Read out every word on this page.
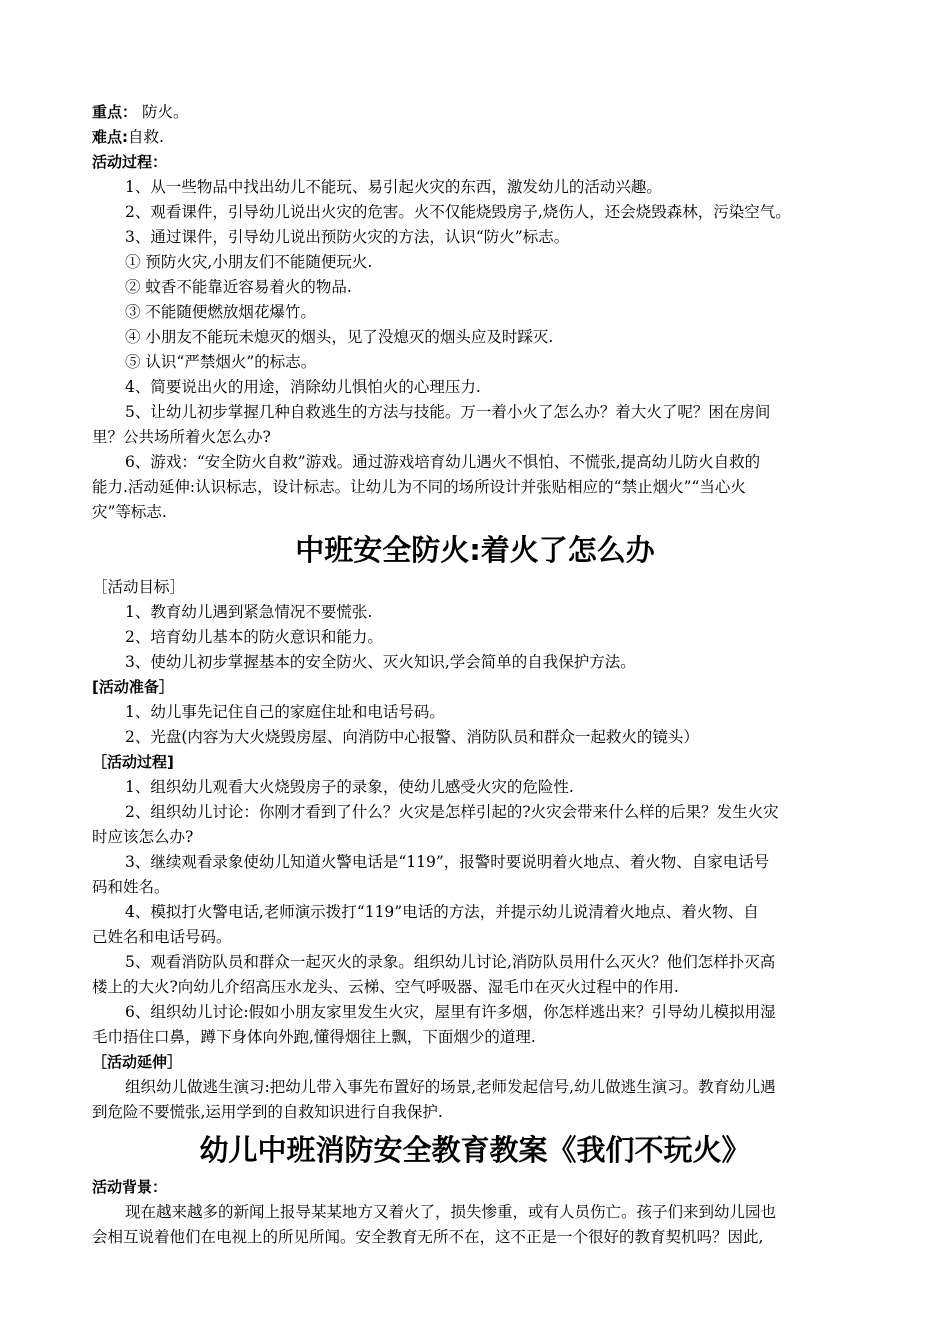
重点： 防火。
难点:自救.
活动过程：
1、从一些物品中找出幼儿不能玩、易引起火灾的东西，激发幼儿的活动兴趣。
2、观看课件，引导幼儿说出火灾的危害。火不仅能烧毁房子,烧伤人，还会烧毁森林，污染空气。
3、通过课件，引导幼儿说出预防火灾的方法，认识“防火”标志。
① 预防火灾,小朋友们不能随便玩火.
② 蚊香不能靠近容易着火的物品.
③ 不能随便燃放烟花爆竹。
④ 小朋友不能玩未熄灭的烟头，见了没熄灭的烟头应及时踩灭.
⑤ 认识“严禁烟火”的标志。
4、简要说出火的用途，消除幼儿惧怕火的心理压力.
5、让幼儿初步掌握几种自救逃生的方法与技能。万一着小火了怎么办？着大火了呢？困在房间
里？公共场所着火怎么办?
6、游戏：“安全防火自救”游戏。通过游戏培育幼儿遇火不惧怕、不慌张,提高幼儿防火自救的
能力.活动延伸:认识标志，设计标志。让幼儿为不同的场所设计并张贴相应的“禁止烟火”“当心火
灾”等标志.
中班安全防火:着火了怎么办
［活动目标］
1、教育幼儿遇到紧急情况不要慌张.
2、培育幼儿基本的防火意识和能力。
3、使幼儿初步掌握基本的安全防火、灭火知识,学会简单的自我保护方法。
[活动准备］
1、幼儿事先记住自己的家庭住址和电话号码。
2、光盘(内容为大火烧毁房屋、向消防中心报警、消防队员和群众一起救火的镜头）
［活动过程]
1、组织幼儿观看大火烧毁房子的录象，使幼儿感受火灾的危险性.
2、组织幼儿讨论：你刚才看到了什么？火灾是怎样引起的?火灾会带来什么样的后果？发生火灾
时应该怎么办?
3、继续观看录象使幼儿知道火警电话是“119”，报警时要说明着火地点、着火物、自家电话号
码和姓名。
4、模拟打火警电话,老师演示拨打“119”电话的方法，并提示幼儿说清着火地点、着火物、自
己姓名和电话号码。
5、观看消防队员和群众一起灭火的录象。组织幼儿讨论,消防队员用什么灭火？他们怎样扑灭高
楼上的大火?向幼儿介绍高压水龙头、云梯、空气呼吸器、湿毛巾在灭火过程中的作用.
6、组织幼儿讨论:假如小朋友家里发生火灾，屋里有许多烟，你怎样逃出来？引导幼儿模拟用湿
毛巾捂住口鼻，蹲下身体向外跑,懂得烟往上飘，下面烟少的道理.
［活动延伸］
组织幼儿做逃生演习:把幼儿带入事先布置好的场景,老师发起信号,幼儿做逃生演习。教育幼儿遇
到危险不要慌张,运用学到的自救知识进行自我保护.
幼儿中班消防安全教育教案《我们不玩火》
活动背景：
现在越来越多的新闻上报导某某地方又着火了，损失惨重，或有人员伤亡。孩子们来到幼儿园也
会相互说着他们在电视上的所见所闻。安全教育无所不在，这不正是一个很好的教育契机吗？因此,
